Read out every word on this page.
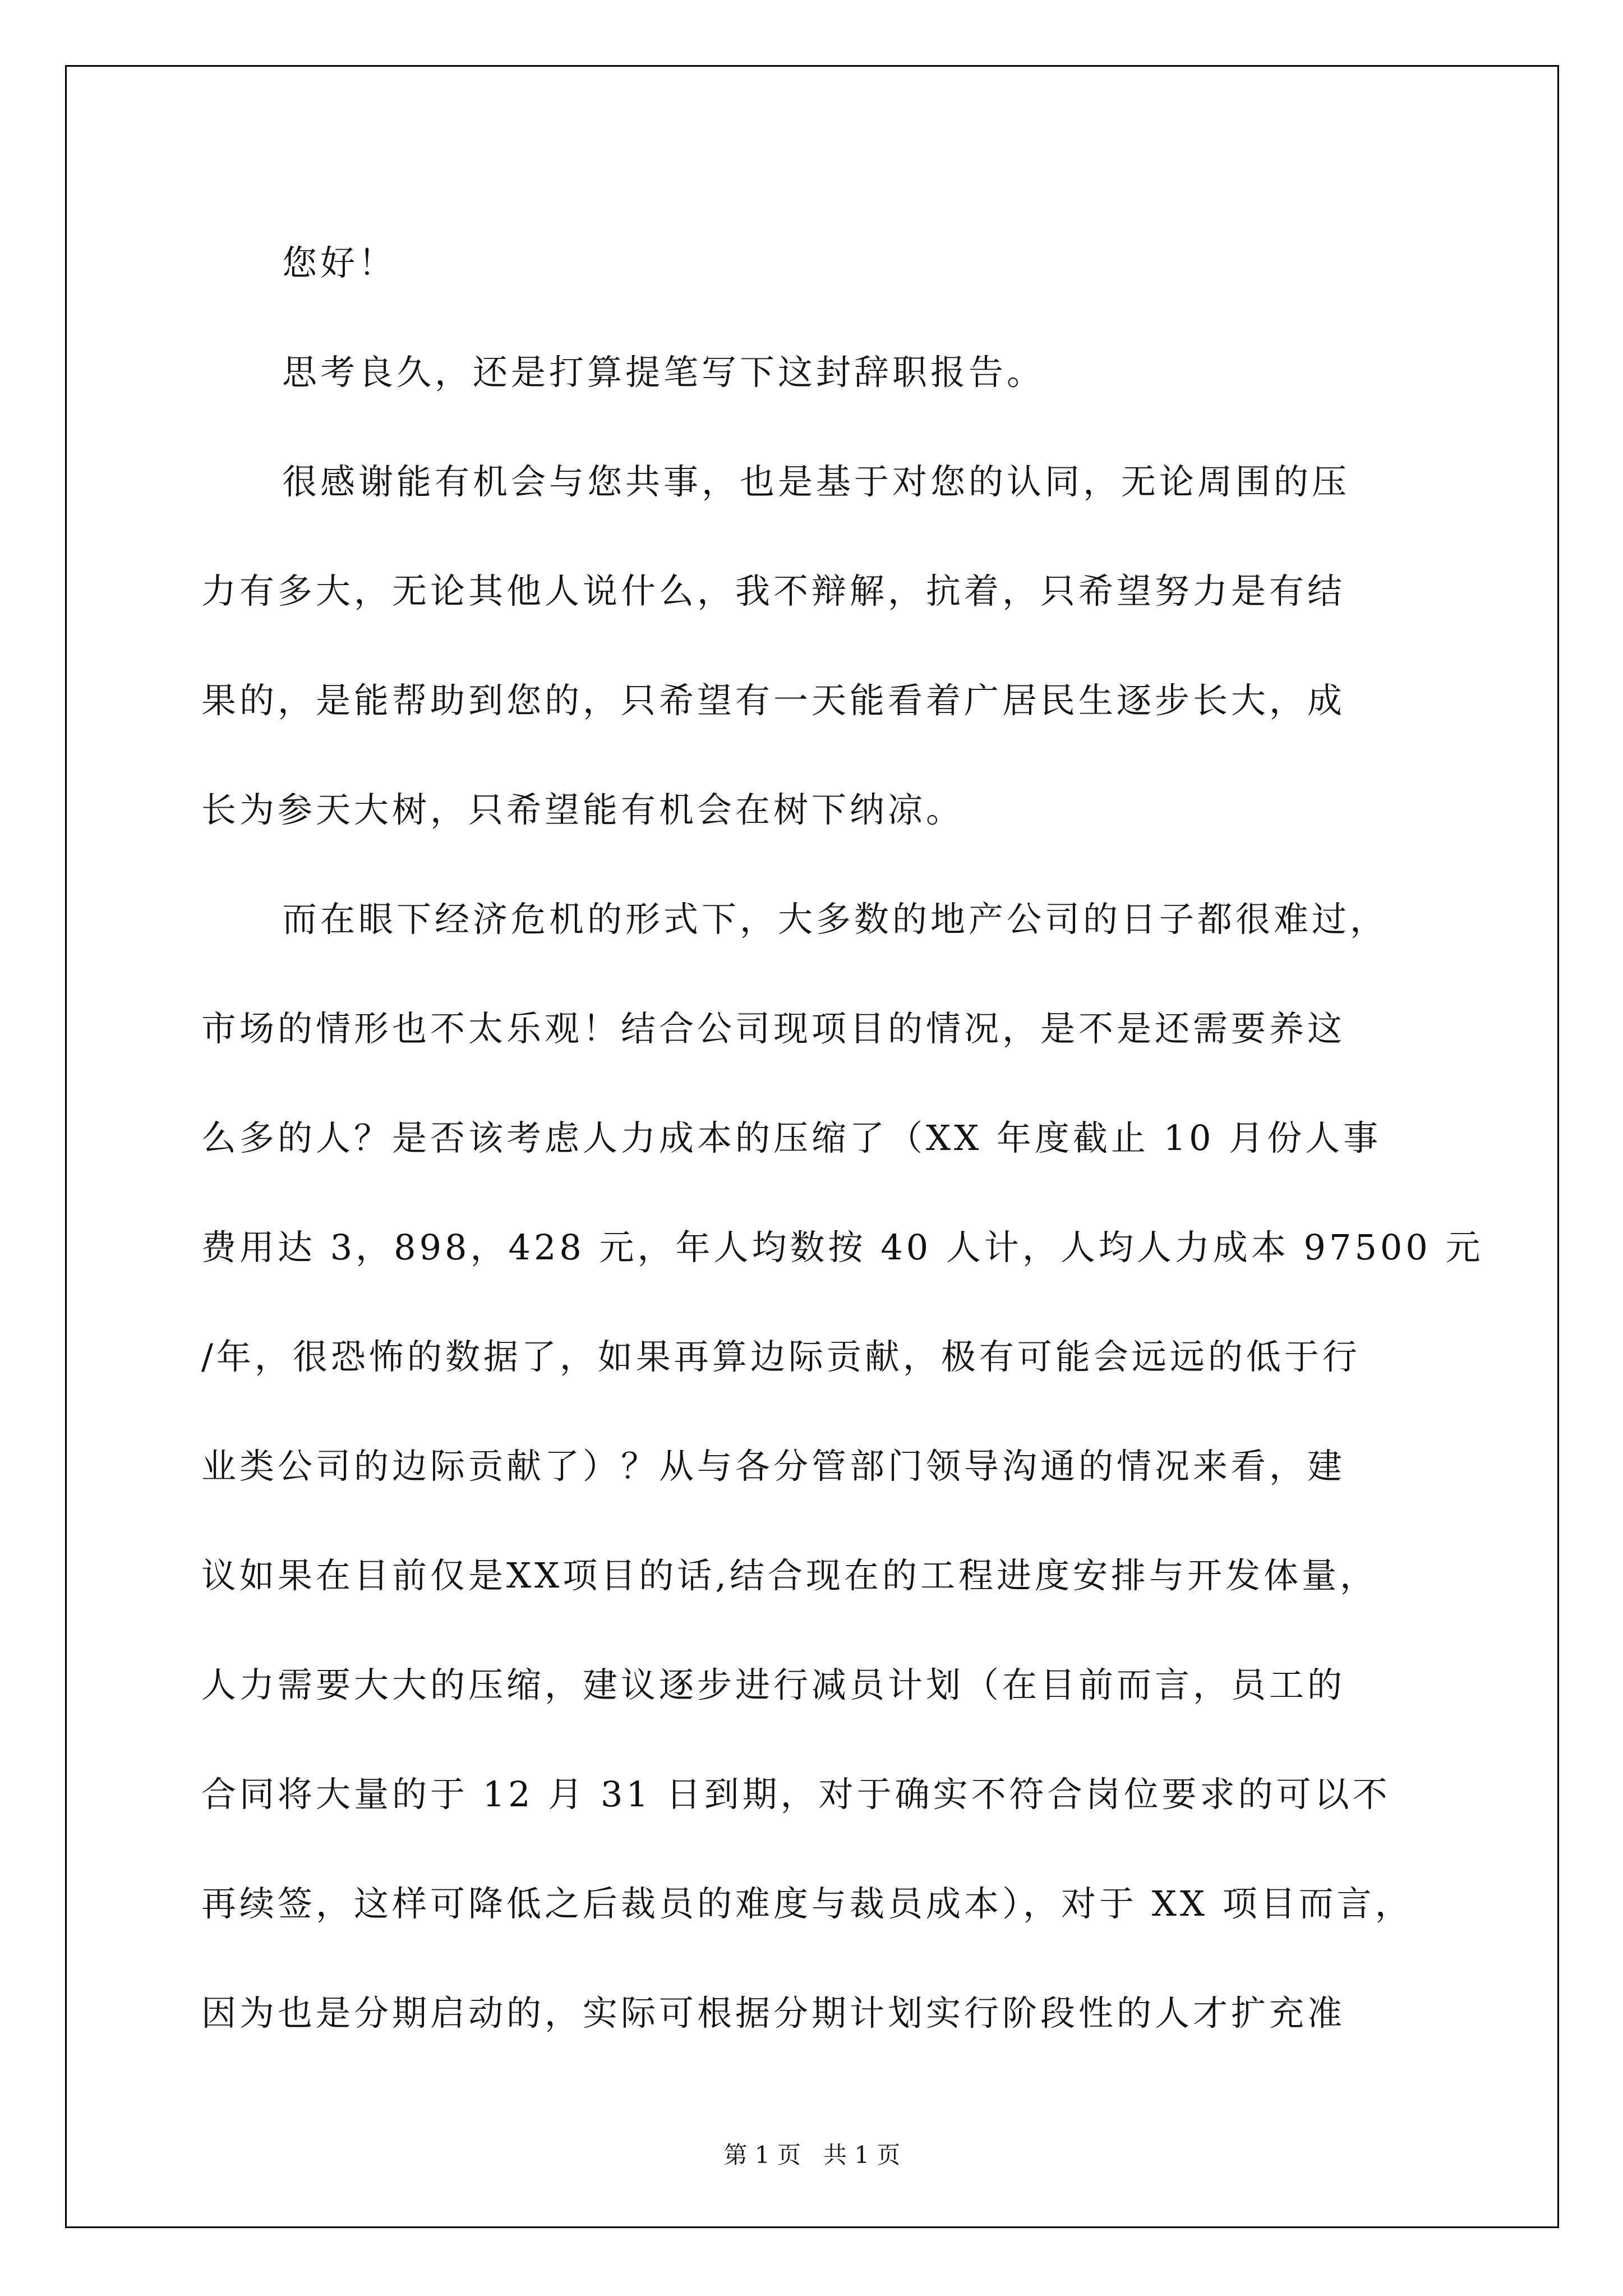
您好！
思考良久，还是打算提笔写下这封辞职报告。
很感谢能有机会与您共事，也是基于对您的认同，无论周围的压
力有多大，无论其他人说什么，我不辩解，抗着，只希望努力是有结
果的，是能帮助到您的，只希望有一天能看着广居民生逐步长大，成
长为参天大树，只希望能有机会在树下纳凉。
而在眼下经济危机的形式下，大多数的地产公司的日子都很难过，
市场的情形也不太乐观！结合公司现项目的情况，是不是还需要养这
么多的人？是否该考虑人力成本的压缩了（XX 年度截止 10 月份人事
费用达 3，898，428 元，年人均数按 40 人计，人均人力成本 97500 元
/年，很恐怖的数据了，如果再算边际贡献，极有可能会远远的低于行
业类公司的边际贡献了）？从与各分管部门领导沟通的情况来看，建
议如果在目前仅是XX项目的话,结合现在的工程进度安排与开发体量，
人力需要大大的压缩，建议逐步进行减员计划（在目前而言，员工的
合同将大量的于 12 月 31 日到期，对于确实不符合岗位要求的可以不
再续签，这样可降低之后裁员的难度与裁员成本），对于 XX 项目而言，
因为也是分期启动的，实际可根据分期计划实行阶段性的人才扩充准
第 1 页 共 1 页
